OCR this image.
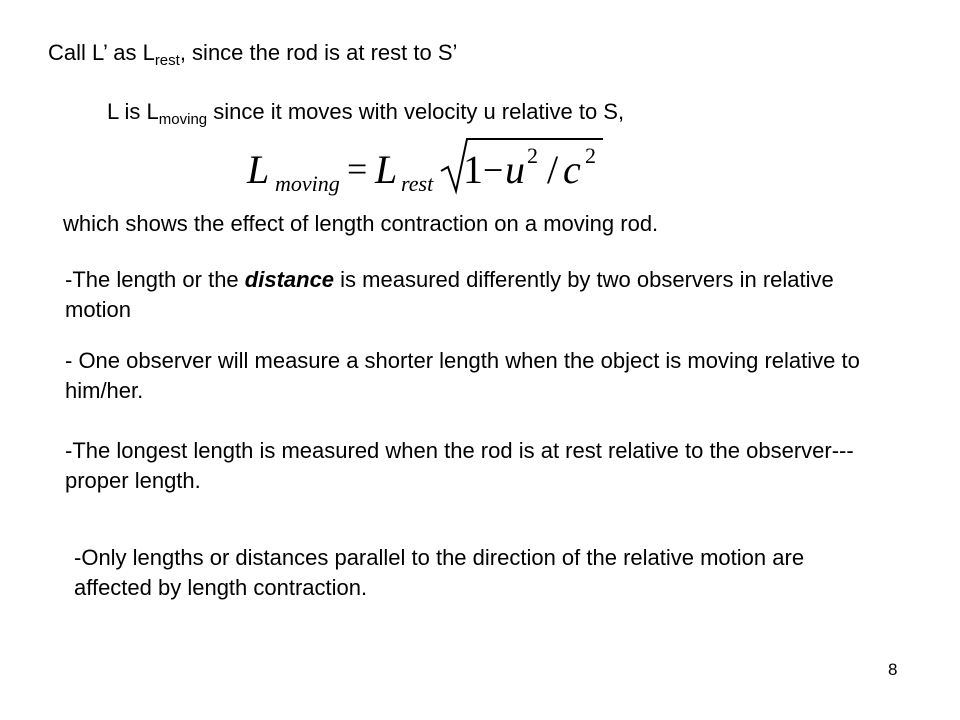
Call L’ as $L_{rest}$, since the rod is at rest to S’
L is $L_{moving}$ since it moves with velocity u relative to S,
L moving = L rest 1 − u 2 / c 2
which shows the effect of length contraction on a moving rod.
-The length or the distance is measured differently by two observers in relative motion
- One observer will measure a shorter length when the object is moving relative to him/her.
-The longest length is measured when the rod is at rest relative to the observer---proper length.
-Only lengths or distances parallel to the direction of the relative motion are affected by length contraction.
8
